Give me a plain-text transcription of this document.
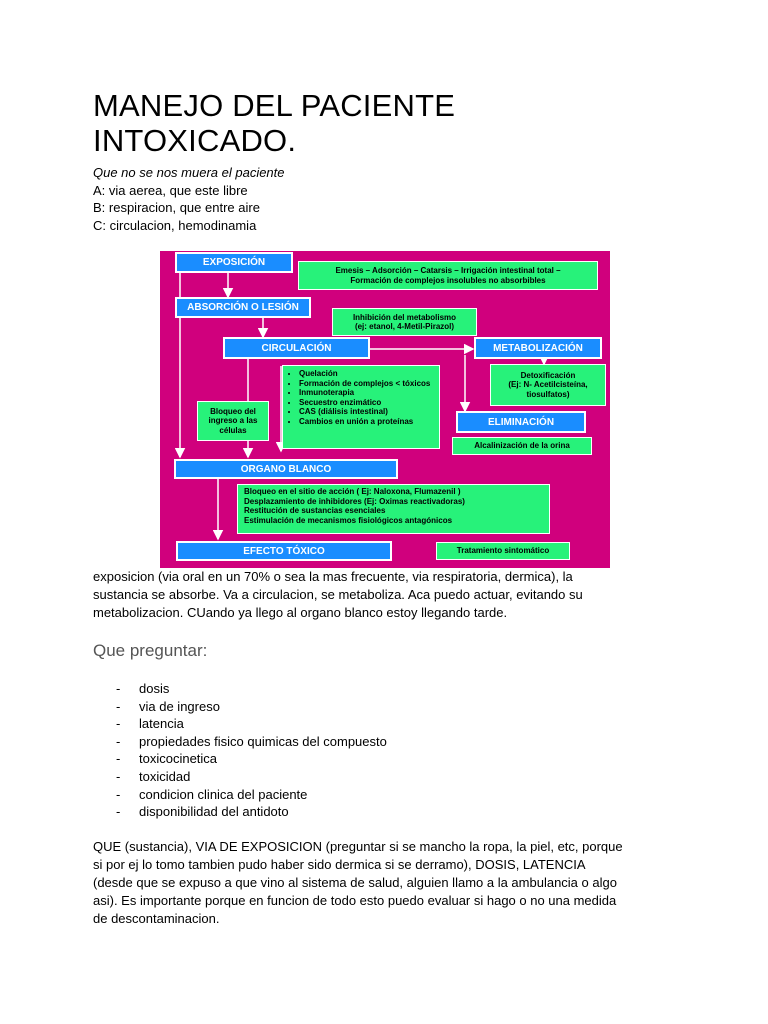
MANEJO DEL PACIENTE
INTOXICADO.
Que no se nos muera el paciente
A: via aerea, que este libre
B: respiracion, que entre aire
C: circulacion, hemodinamia
EXPOSICIÓN
ABSORCIÓN O LESIÓN
CIRCULACIÓN	METABOLIZACIÓN
ELIMINACIÓN
ORGANO BLANCO
EFECTO TÓXICO
Emesis – Adsorción – Catarsis – Irrigación intestinal total –
Formación de complejos insolubles no absorbibles
Inhibición del metabolismo
(ej: etanol, 4-Metil-Pirazol)
Detoxificación
(Ej: N- Acetilcisteína,
tiosulfatos)
Bloqueo del
ingreso a las
células
• Quelación
• Formación de complejos < tóxicos
• Inmunoterapia
• Secuestro enzimático
• CAS (diálisis intestinal)
• Cambios en unión a proteínas
Alcalinización de la orina
Bloqueo en el sitio de acción ( Ej: Naloxona, Flumazenil )
Desplazamiento de inhibidores (Ej: Oximas reactivadoras)
Restitución de sustancias esenciales
Estimulación de mecanismos fisiológicos antagónicos
Tratamiento sintomático
exposicion (via oral en un 70% o sea la mas frecuente, via respiratoria, dermica), la
sustancia se absorbe. Va a circulacion, se metaboliza. Aca puedo actuar, evitando su
metabolizacion. CUando ya llego al organo blanco estoy llegando tarde.
Que preguntar:
- dosis
- via de ingreso
- latencia
- propiedades fisico quimicas del compuesto
- toxicocinetica
- toxicidad
- condicion clinica del paciente
- disponibilidad del antidoto
QUE (sustancia), VIA DE EXPOSICION (preguntar si se mancho la ropa, la piel, etc, porque
si por ej lo tomo tambien pudo haber sido dermica si se derramo), DOSIS, LATENCIA
(desde que se expuso a que vino al sistema de salud, alguien llamo a la ambulancia o algo
asi). Es importante porque en funcion de todo esto puedo evaluar si hago o no una medida
de descontaminacion.
